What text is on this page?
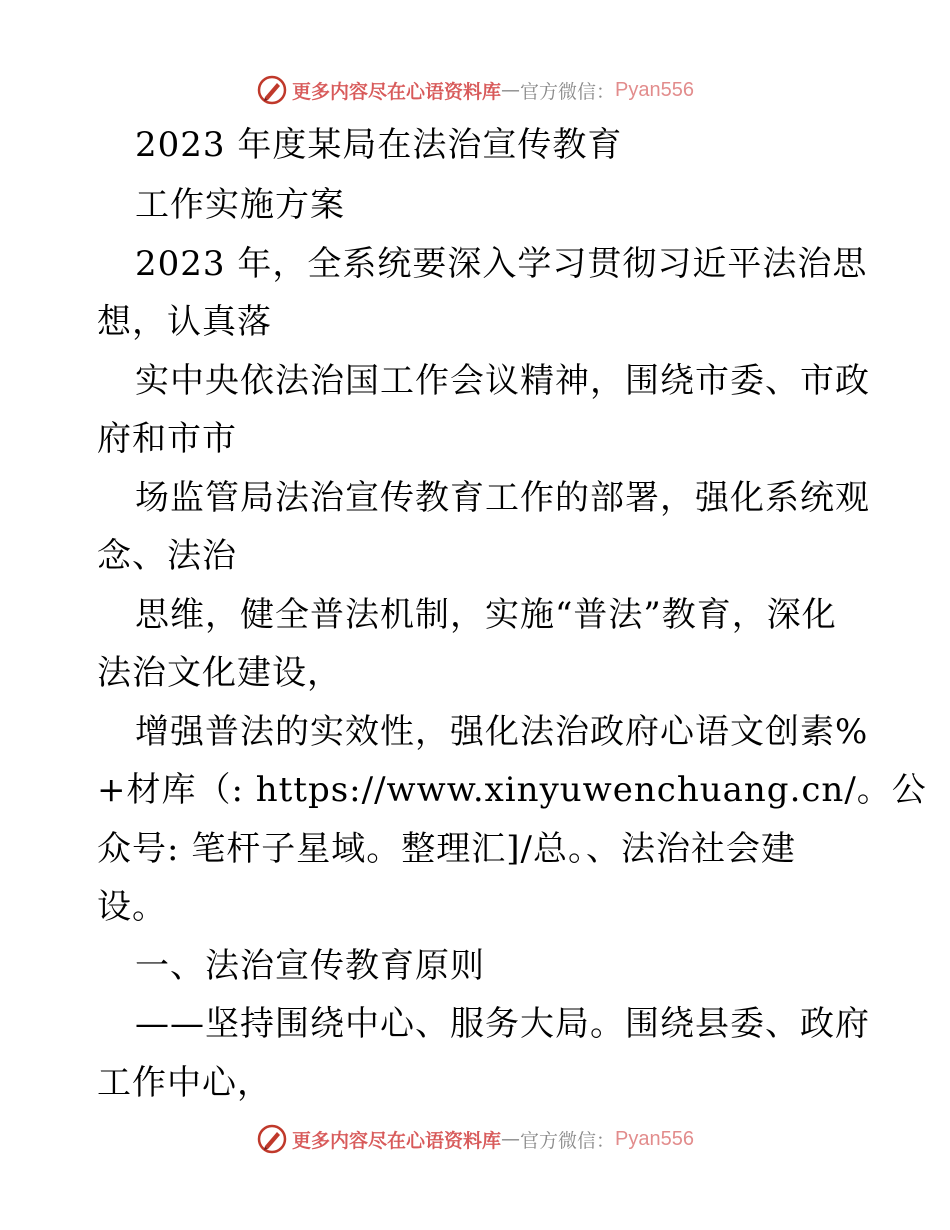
更多内容尽在心语资料库 — 官方微信： Pyan556
2023 年度某局在法治宣传教育
工作实施方案
2023 年，全系统要深入学习贯彻习近平法治思
想，认真落
实中央依法治国工作会议精神，围绕市委、市政
府和市市
场监管局法治宣传教育工作的部署，强化系统观
念、法治
思维，健全普法机制，实施“普法”教育，深化
法治文化建设，
增强普法的实效性，强化法治政府心语文创素%
+材库（: https://www.xinyuwenchuang.cn/。公
众号: 笔杆子星域。整理汇]/总。、法治社会建
设。
一、法治宣传教育原则
——坚持围绕中心、服务大局。围绕县委、政府
工作中心，
更多内容尽在心语资料库 — 官方微信： Pyan556
